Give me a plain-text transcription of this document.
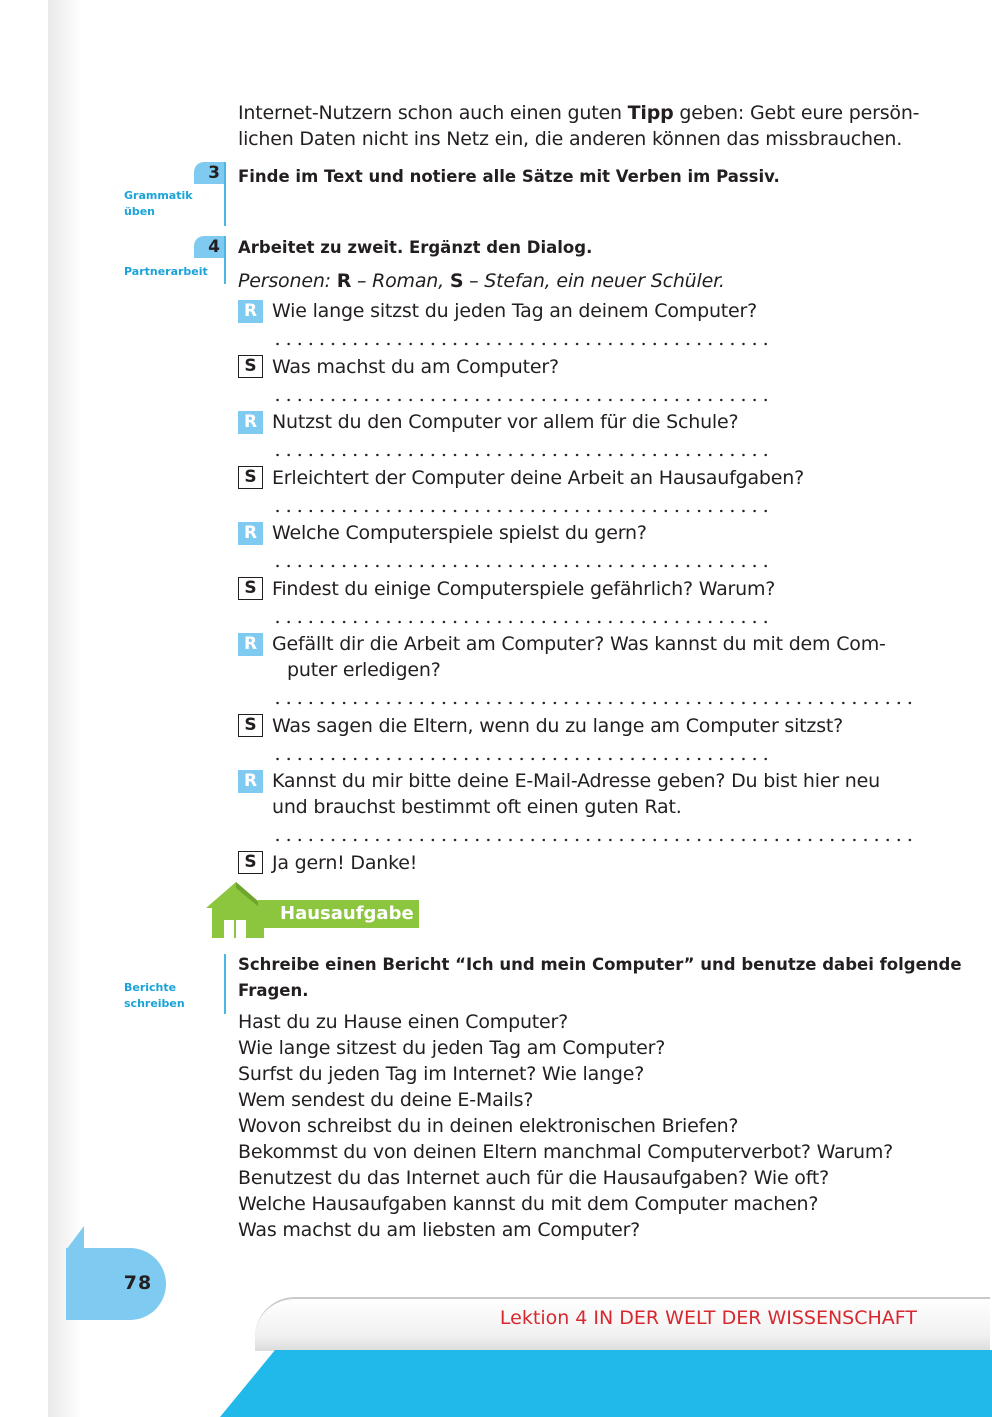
Internet-Nutzern schon auch einen guten Tipp geben: Gebt eure persön-
lichen Daten nicht ins Netz ein, die anderen können das missbrauchen.
3
Grammatik
üben
Finde im Text und notiere alle Sätze mit Verben im Passiv.
4
Partnerarbeit
Arbeitet zu zweit. Ergänzt den Dialog.
Personen: R – Roman, S – Stefan, ein neuer Schüler.
R Wie lange sitzst du jeden Tag an deinem Computer?
S Was machst du am Computer?
R Nutzst du den Computer vor allem für die Schule?
S Erleichtert der Computer deine Arbeit an Hausaufgaben?
R Welche Computerspiele spielst du gern?
S Findest du einige Computerspiele gefährlich? Warum?
R Gefällt dir die Arbeit am Computer? Was kannst du mit dem Com-
puter erledigen?
S Was sagen die Eltern, wenn du zu lange am Computer sitzst?
R Kannst du mir bitte deine E-Mail-Adresse geben? Du bist hier neu
und brauchst bestimmt oft einen guten Rat.
S Ja gern! Danke!
Hausaufgabe
Berichte
schreiben
Schreibe einen Bericht “Ich und mein Computer” und benutze dabei folgende
Fragen.
Hast du zu Hause einen Computer?
Wie lange sitzest du jeden Tag am Computer?
Surfst du jeden Tag im Internet? Wie lange?
Wem sendest du deine E-Mails?
Wovon schreibst du in deinen elektronischen Briefen?
Bekommst du von deinen Eltern manchmal Computerverbot? Warum?
Benutzest du das Internet auch für die Hausaufgaben? Wie oft?
Welche Hausaufgaben kannst du mit dem Computer machen?
Was machst du am liebsten am Computer?
78
Lektion 4 IN DER WELT DER WISSENSCHAFT
